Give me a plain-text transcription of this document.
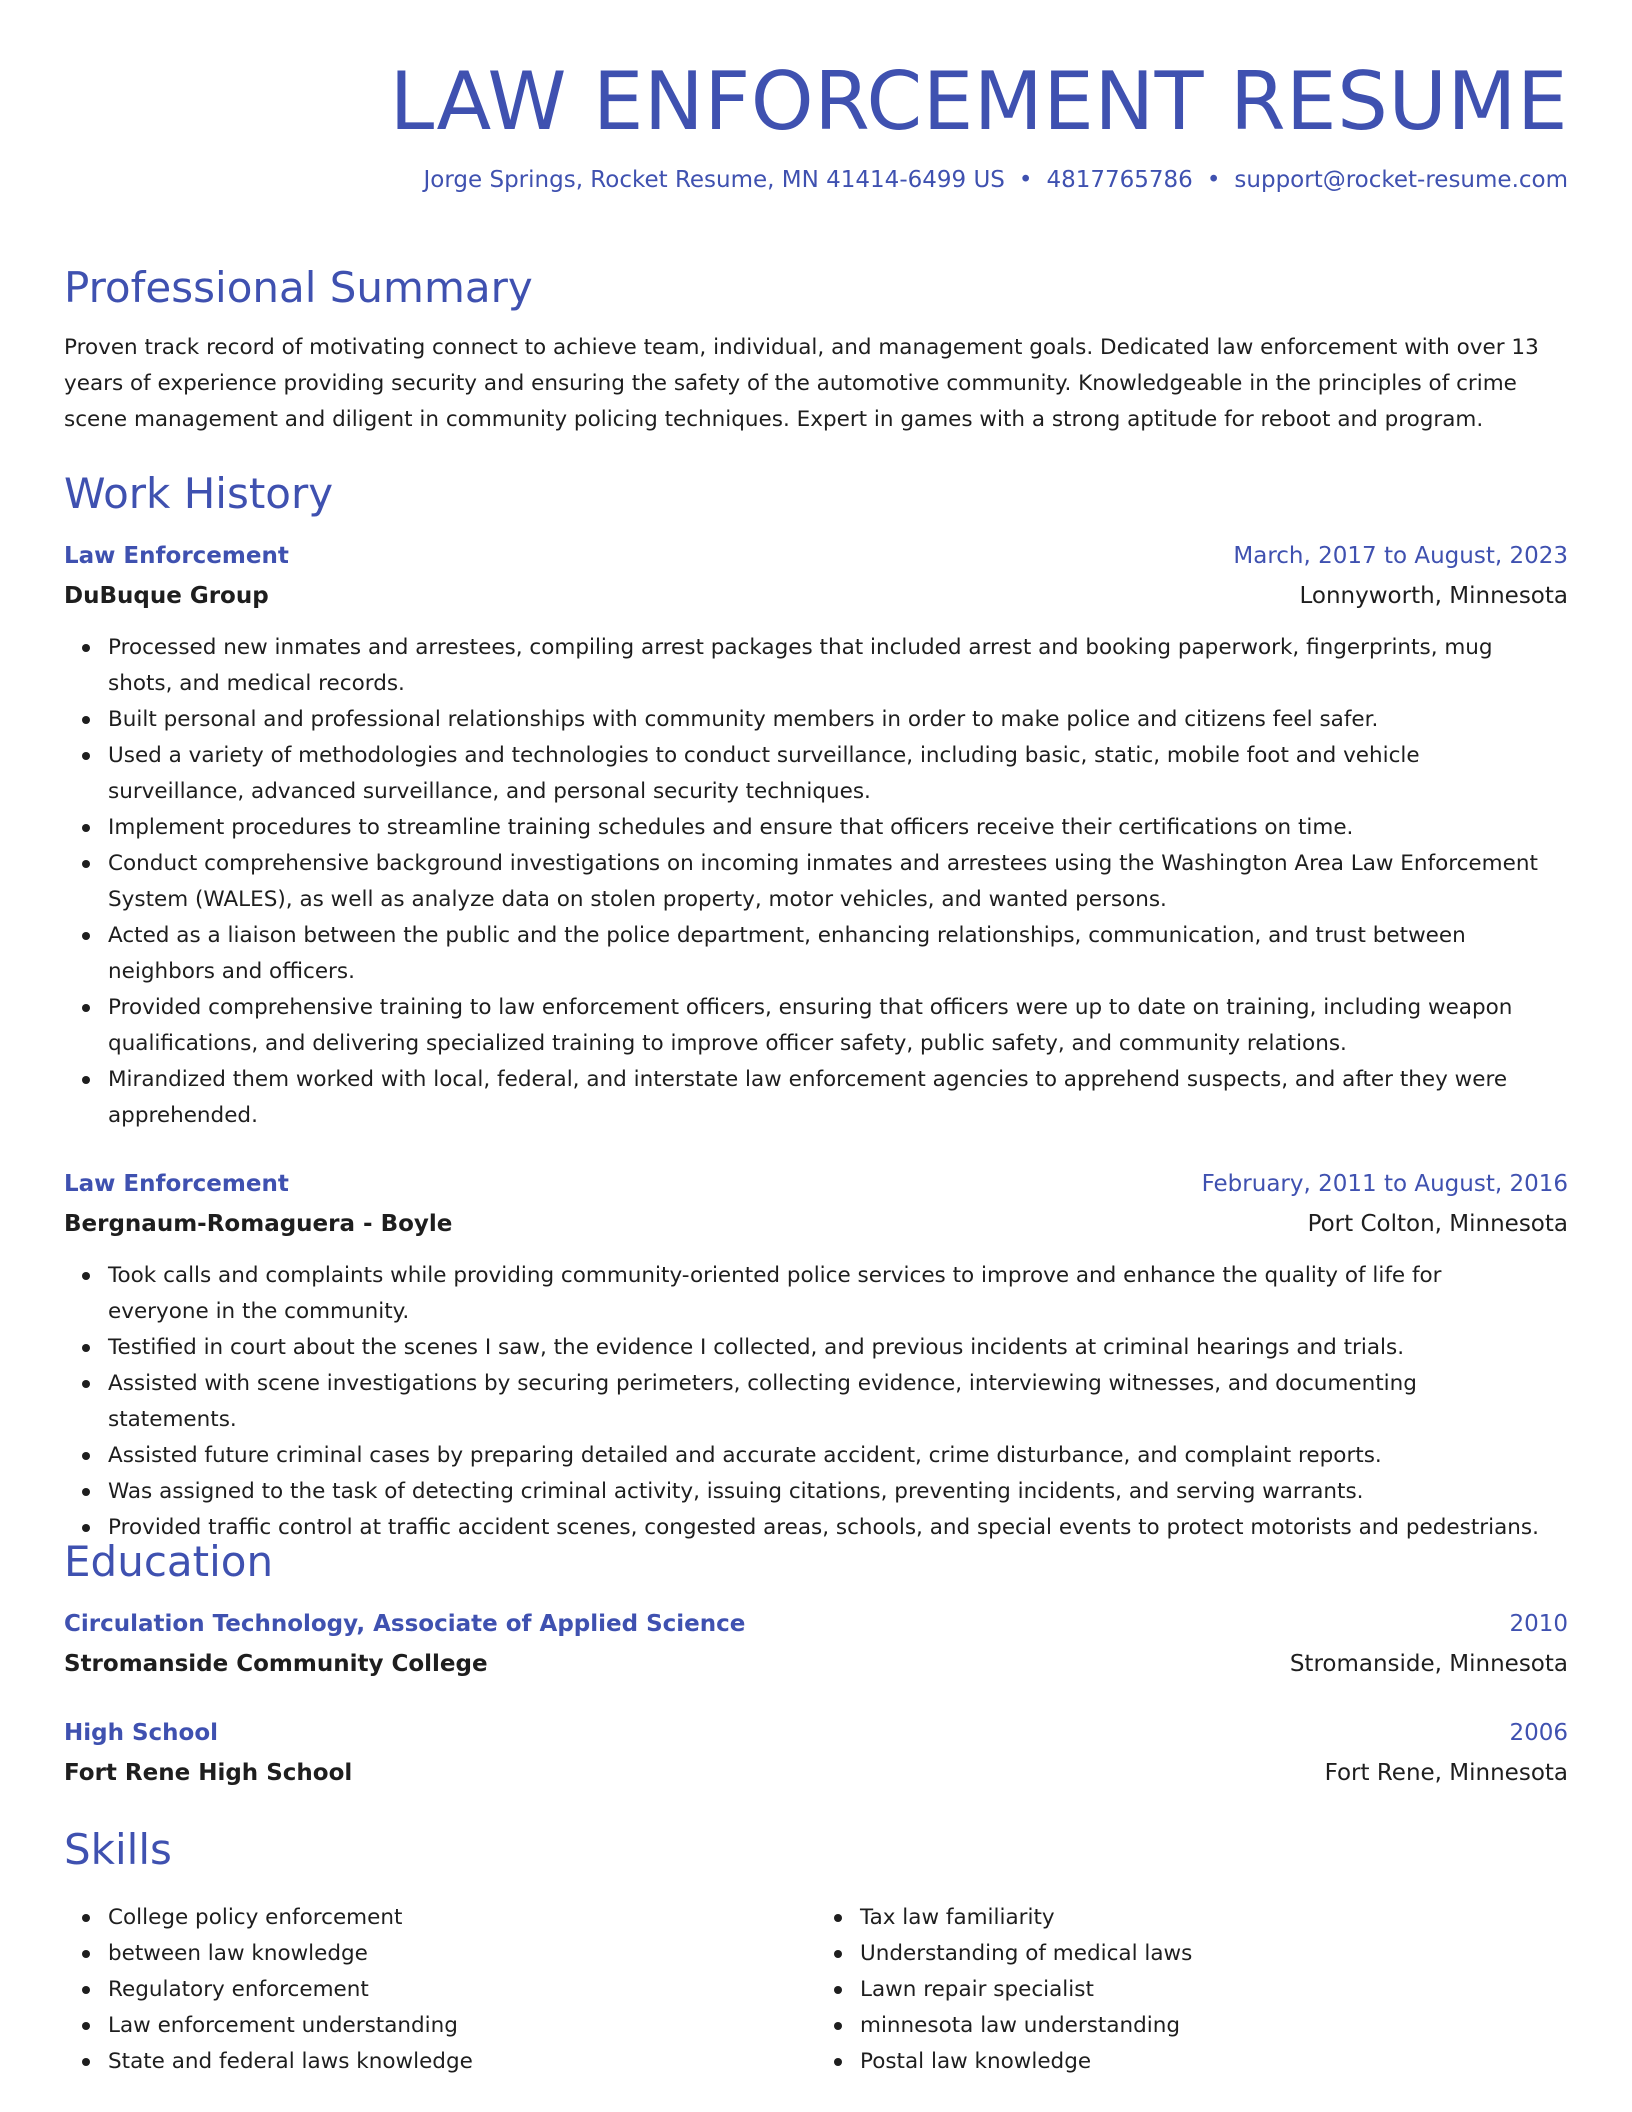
LAW ENFORCEMENT RESUME
Jorge Springs, Rocket Resume, MN 41414-6499 US • 4817765786 • support@rocket-resume.com
Professional Summary

Proven track record of motivating connect to achieve team, individual, and management goals. Dedicated law enforcement with over 13 years of experience providing security and ensuring the safety of the automotive community. Knowledgeable in the principles of crime scene management and diligent in community policing techniques. Expert in games with a strong aptitude for reboot and program.

Work History
Law Enforcement	March, 2017 to August, 2023
DuBuque Group	Lonnyworth, Minnesota
Processed new inmates and arrestees, compiling arrest packages that included arrest and booking paperwork, fingerprints, mug shots, and medical records.
Built personal and professional relationships with community members in order to make police and citizens feel safer.
Used a variety of methodologies and technologies to conduct surveillance, including basic, static, mobile foot and vehicle surveillance, advanced surveillance, and personal security techniques.
Implement procedures to streamline training schedules and ensure that officers receive their certifications on time.
Conduct comprehensive background investigations on incoming inmates and arrestees using the Washington Area Law Enforcement System (WALES), as well as analyze data on stolen property, motor vehicles, and wanted persons.
Acted as a liaison between the public and the police department, enhancing relationships, communication, and trust between neighbors and officers.
Provided comprehensive training to law enforcement officers, ensuring that officers were up to date on training, including weapon qualifications, and delivering specialized training to improve officer safety, public safety, and community relations.
Mirandized them worked with local, federal, and interstate law enforcement agencies to apprehend suspects, and after they were apprehended.
Law Enforcement	February, 2011 to August, 2016
Bergnaum-Romaguera - Boyle	Port Colton, Minnesota
Took calls and complaints while providing community-oriented police services to improve and enhance the quality of life for everyone in the community.
Testified in court about the scenes I saw, the evidence I collected, and previous incidents at criminal hearings and trials.
Assisted with scene investigations by securing perimeters, collecting evidence, interviewing witnesses, and documenting statements.
Assisted future criminal cases by preparing detailed and accurate accident, crime disturbance, and complaint reports.
Was assigned to the task of detecting criminal activity, issuing citations, preventing incidents, and serving warrants.
Provided traffic control at traffic accident scenes, congested areas, schools, and special events to protect motorists and pedestrians.
Education
Circulation Technology, Associate of Applied Science	2010
Stromanside Community College	Stromanside, Minnesota
High School	2006
Fort Rene High School	Fort Rene, Minnesota
Skills
College policy enforcement
between law knowledge
Regulatory enforcement
Law enforcement understanding
State and federal laws knowledge
Tax law familiarity
Understanding of medical laws
Lawn repair specialist
minnesota law understanding
Postal law knowledge
